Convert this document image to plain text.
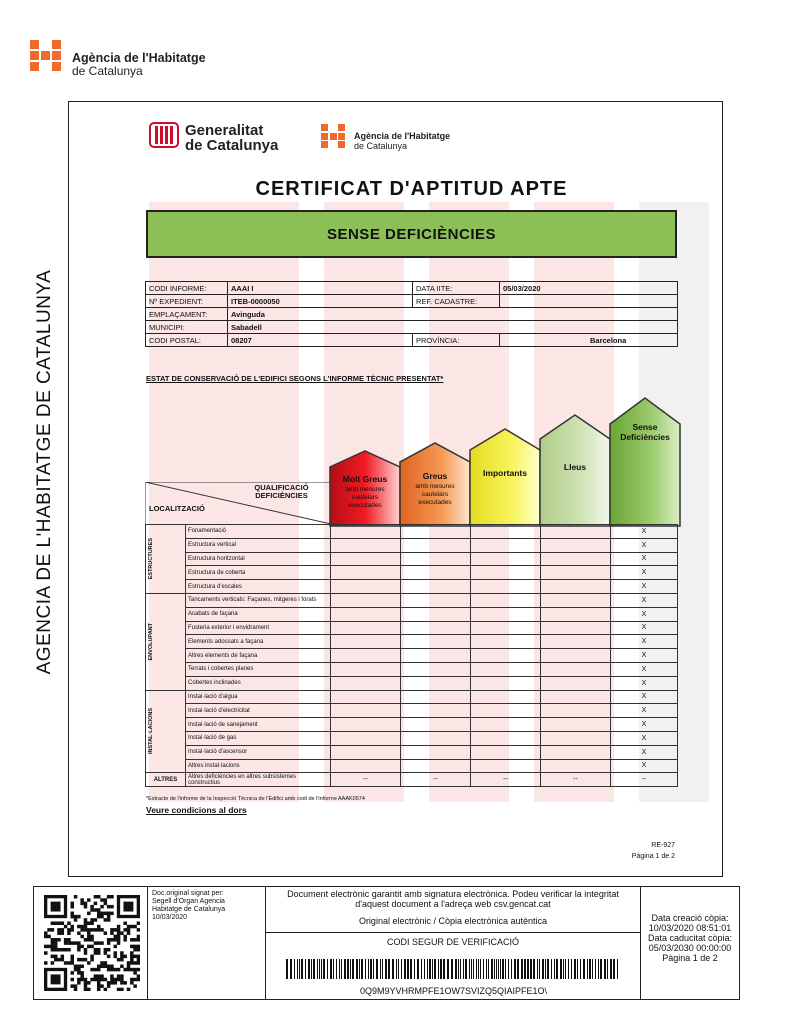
Agència de l'Habitatge
de Catalunya
AGENCIA DE L'HABITATGE DE CATALUNYA
Generalitat
de Catalunya
Agència de l'Habitatge
de Catalunya
CERTIFICAT D'APTITUD APTE
SENSE DEFICIÈNCIES
CODI INFORME:	AAAI I	DATA IITE:	05/03/2020
Nº EXPEDIENT:	ITEB-0000050	REF. CADASTRE:	
EMPLAÇAMENT:	Avinguda		
MUNICIPI:	Sabadell		
CODI POSTAL:	08207	PROVÍNCIA:	Barcelona
ESTAT DE CONSERVACIÓ DE L'EDIFICI SEGONS L'INFORME TÈCNIC PRESENTAT*
Molt Greus
amb mesures cautelars executades
Greus
amb mesures cautelars executades
Importants
Lleus
Sense Deficiències
QUALIFICACIÓ DEFICIÈNCIES
LOCALITZACIÓ
ESTRUCTURES	Fonamentació					X
	Estructura vertical					X
	Estructura horitzontal					X
	Estructura de coberta					X
	Estructura d'escales					X

ENVOLUPANT	Tancaments verticals: Façanes, mitgeres i forats					X
	Acabats de façana					X
	Fusteria exterior i envidrament					X
	Elements adossats a façana					X
	Altres elements de façana					X
	Terrats i cobertes planes					X
	Cobertes inclinades					X

INSTAL·LACIONS	Instal·lació d'aigua					X
	Instal·lació d'electricitat					X
	Instal·lació de sanejament					X
	Instal·lació de gas					X
	Instal·lació d'ascensor					X
	Altres instal·lacions					X
ALTRES	Altres deficiències en altres subsistemes constructius	--	--	--	--	--
*Extracte de l'informe de la Inspecció Tècnica de l'Edifici amb codi de l'informe AAAK0574
Veure condicions al dors
RE-927
Pàgina 1 de 2
Doc.original signat per:
Segell d'Organ Agencia
Habitatge de Catalunya
10/03/2020
Document electrònic garantit amb signatura electrònica. Podeu verificar la integritat d'aquest document a l'adreça web csv.gencat.cat
Original electrònic / Còpia electrònica autèntica
CODI SEGUR DE VERIFICACIÓ
0Q9M9YVHRMPFE1OW7SVIZQ5QIAIPFE1O\
Data creació còpia:
10/03/2020 08:51:01
Data caducitat còpia:
05/03/2030 00:00:00
Pàgina 1 de 2
